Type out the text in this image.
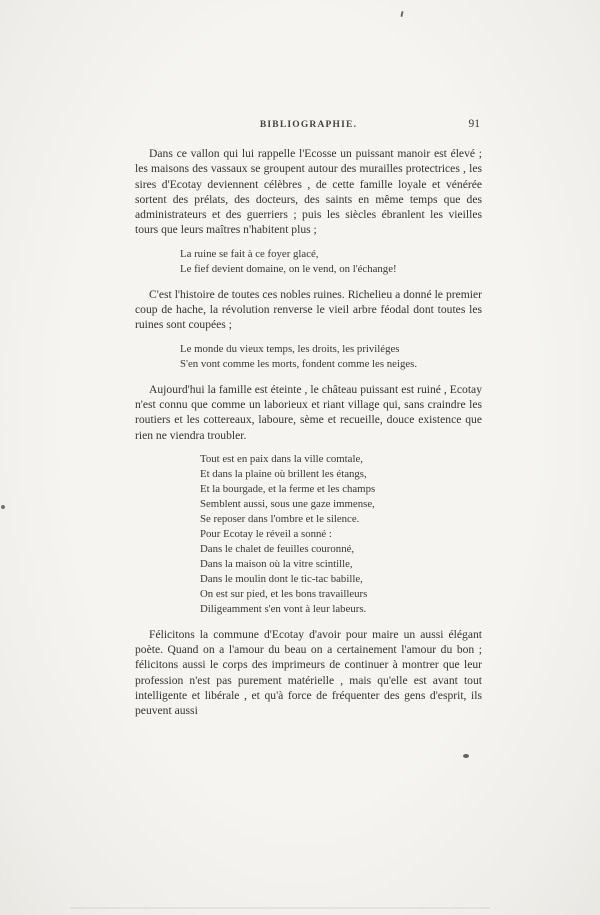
BIBLIOGRAPHIE.	91

Dans ce vallon qui lui rappelle l'Ecosse un puissant manoir est élevé ; les maisons des vassaux se groupent autour des murailles protectrices , les sires d'Ecotay deviennent célèbres , de cette famille loyale et vénérée sortent des prélats, des docteurs, des saints en même temps que des administrateurs et des guerriers ; puis les siècles ébranlent les vieilles tours que leurs maîtres n'habitent plus ;

La ruine se fait à ce foyer glacé,
Le fief devient domaine, on le vend, on l'échange!

C'est l'histoire de toutes ces nobles ruines. Richelieu a donné le premier coup de hache, la révolution renverse le vieil arbre féodal dont toutes les ruines sont coupées ;

Le monde du vieux temps, les droits, les priviléges
S'en vont comme les morts, fondent comme les neiges.

Aujourd'hui la famille est éteinte , le château puissant est ruiné , Ecotay n'est connu que comme un laborieux et riant village qui, sans craindre les routiers et les cottereaux, laboure, sème et recueille, douce existence que rien ne viendra troubler.

Tout est en paix dans la ville comtale,
Et dans la plaine où brillent les étangs,
Et la bourgade, et la ferme et les champs
Semblent aussi, sous une gaze immense,
Se reposer dans l'ombre et le silence.
Pour Ecotay le réveil a sonné :
Dans le chalet de feuilles couronné,
Dans la maison où la vitre scintille,
Dans le moulin dont le tic-tac babille,
On est sur pied, et les bons travailleurs
Diligeamment s'en vont à leur labeurs.

Félicitons la commune d'Ecotay d'avoir pour maire un aussi élégant poète. Quand on a l'amour du beau on a certainement l'amour du bon ; félicitons aussi le corps des imprimeurs de continuer à montrer que leur profession n'est pas purement matérielle , mais qu'elle est avant tout intelligente et libérale , et qu'à force de fréquenter des gens d'esprit, ils peuvent aussi
